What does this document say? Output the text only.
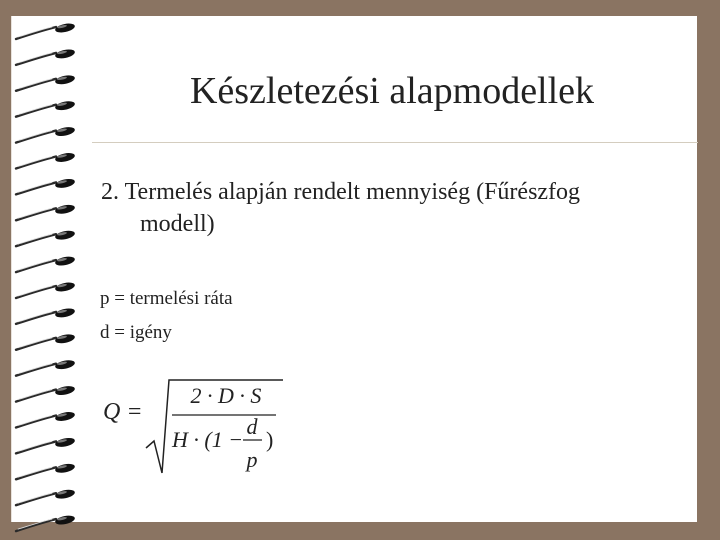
Készletezési alapmodellek
2. Termelés alapján rendelt mennyiség (Fűrészfog
modell)
p = termelési ráta
d = igény
Q =
2 · D · S
H · (1 −
d
p
)
